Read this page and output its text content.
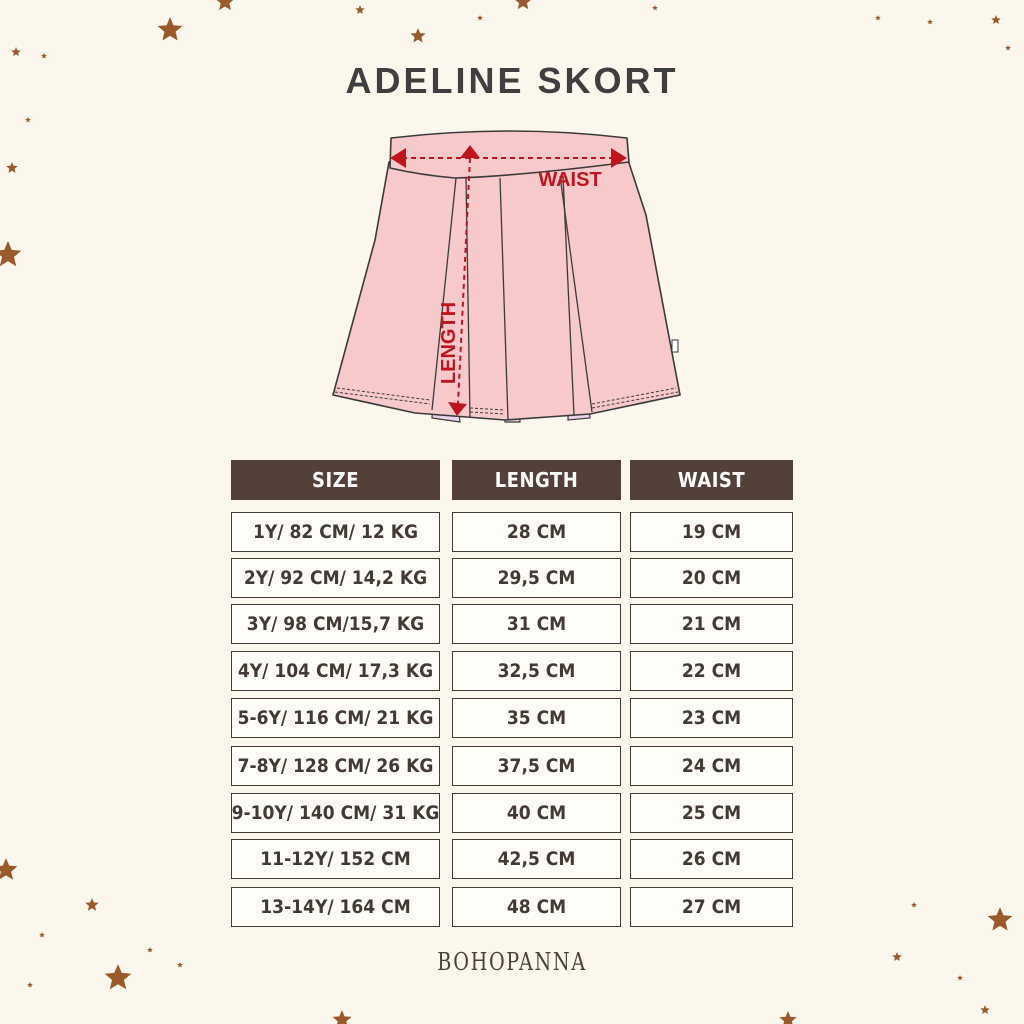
ADELINE SKORT
WAIST
LENGTH
SIZE	LENGTH	WAIST
1Y/ 82 CM/ 12 KG	28 CM	19 CM
2Y/ 92 CM/ 14,2 KG	29,5 CM	20 CM
3Y/ 98 CM/15,7 KG	31 CM	21 CM
4Y/ 104 CM/ 17,3 KG	32,5 CM	22 CM
5-6Y/ 116 CM/ 21 KG	35 CM	23 CM
7-8Y/ 128 CM/ 26 KG	37,5 CM	24 CM
9-10Y/ 140 CM/ 31 KG	40 CM	25 CM
11-12Y/ 152 CM	42,5 CM	26 CM
13-14Y/ 164 CM	48 CM	27 CM
BOHOPANNA
